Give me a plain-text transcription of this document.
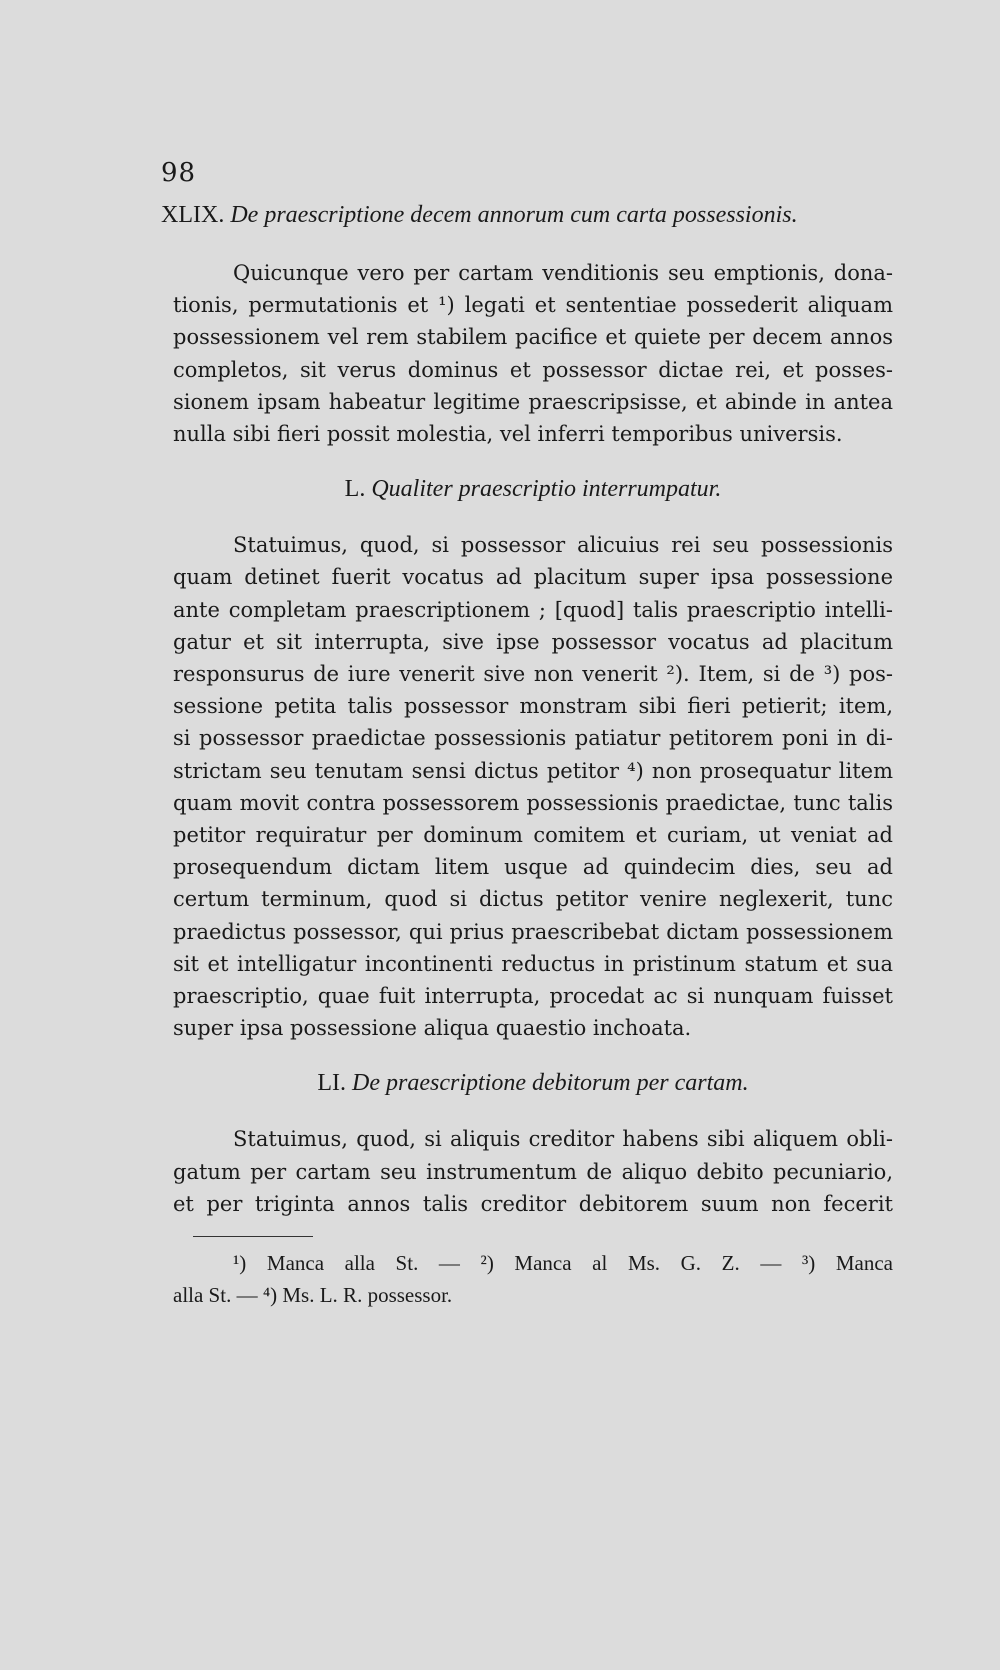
98
XLIX. De praescriptione decem annorum cum carta possessionis.

Quicunque vero per cartam venditionis seu emptionis, dona-
tionis, permutationis et ¹) legati et sententiae possederit aliquam
possessionem vel rem stabilem pacifice et quiete per decem annos
completos, sit verus dominus et possessor dictae rei, et posses-
sionem ipsam habeatur legitime praescripsisse, et abinde in antea
nulla sibi fieri possit molestia, vel inferri temporibus universis.

L. Qualiter praescriptio interrumpatur.

Statuimus, quod, si possessor alicuius rei seu possessionis
quam detinet fuerit vocatus ad placitum super ipsa possessione
ante completam praescriptionem ; [quod] talis praescriptio intelli-
gatur et sit interrupta, sive ipse possessor vocatus ad placitum
responsurus de iure venerit sive non venerit ²). Item, si de ³) pos-
sessione petita talis possessor monstram sibi fieri petierit; item,
si possessor praedictae possessionis patiatur petitorem poni in di-
strictam seu tenutam sensi dictus petitor ⁴) non prosequatur litem
quam movit contra possessorem possessionis praedictae, tunc talis
petitor requiratur per dominum comitem et curiam, ut veniat ad
prosequendum dictam litem usque ad quindecim dies, seu ad
certum terminum, quod si dictus petitor venire neglexerit, tunc
praedictus possessor, qui prius praescribebat dictam possessionem
sit et intelligatur incontinenti reductus in pristinum statum et sua
praescriptio, quae fuit interrupta, procedat ac si nunquam fuisset
super ipsa possessione aliqua quaestio inchoata.

LI. De praescriptione debitorum per cartam.

Statuimus, quod, si aliquis creditor habens sibi aliquem obli-
gatum per cartam seu instrumentum de aliquo debito pecuniario,
et per triginta annos talis creditor debitorem suum non fecerit

¹) Manca alla St. — ²) Manca al Ms. G. Z. — ³) Manca
alla St. — ⁴) Ms. L. R. possessor.
